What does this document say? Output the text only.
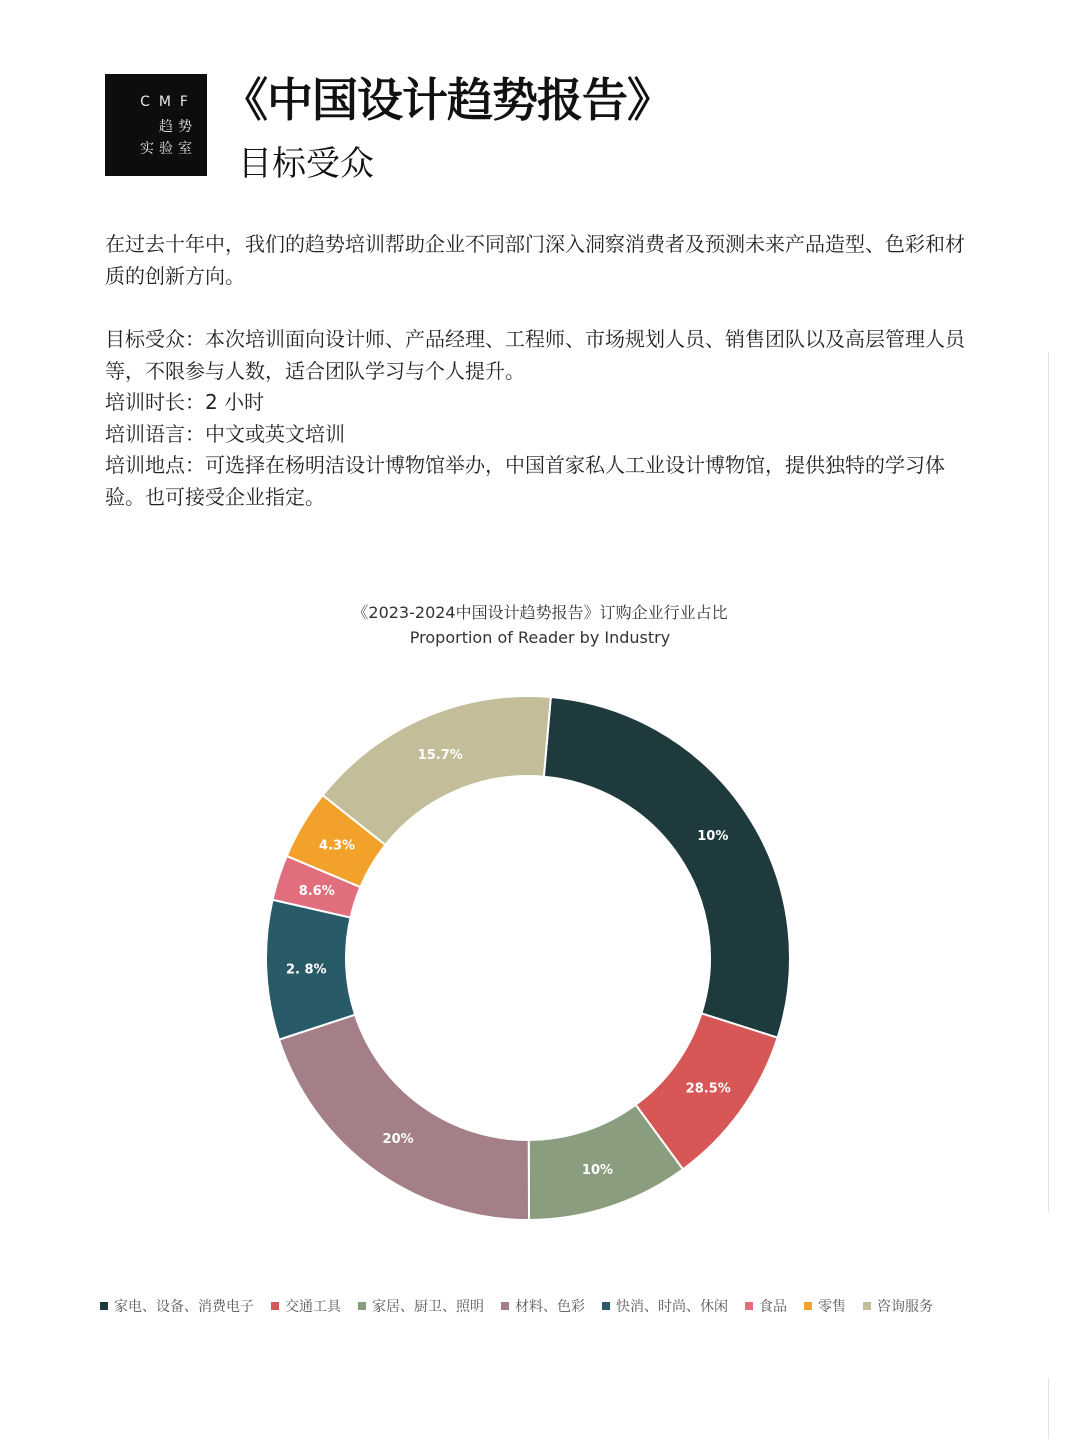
CMF
趋势
实验室
《中国设计趋势报告》
目标受众

在过去十年中，我们的趋势培训帮助企业不同部门深入洞察消费者及预测未来产品造型、色彩和材质的创新方向。

目标受众：本次培训面向设计师、产品经理、工程师、市场规划人员、销售团队以及高层管理人员等，不限参与人数，适合团队学习与个人提升。

培训时长：2 小时

培训语言：中文或英文培训

培训地点：可选择在杨明洁设计博物馆举办，中国首家私人工业设计博物馆，提供独特的学习体验。也可接受企业指定。

《2023-2024中国设计趋势报告》订购企业行业占比
Proportion of Reader by Industry
10%
28.5%
10%
20%
2. 8%
8.6%
4.3%
15.7%
家电、设备、消费电子 交通工具 家居、厨卫、照明 材料、色彩 快消、时尚、休闲 食品 零售 咨询服务
